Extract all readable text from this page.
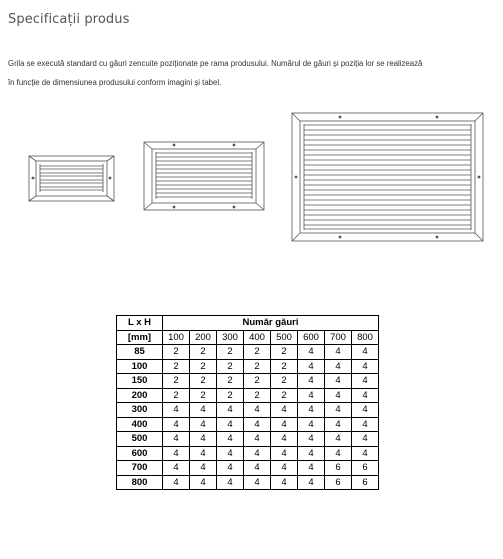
Specificații produs
Grila se execută standard cu găuri zencuite poziționate pe rama produsului. Numărul de găuri și poziția lor se realizează
în funcție de dimensiunea produsului conform imagini și tabel.
L x H	Număr găuri							
[mm]	100	200	300	400	500	600	700	800
85	2	2	2	2	2	4	4	4
100	2	2	2	2	2	4	4	4
150	2	2	2	2	2	4	4	4
200	2	2	2	2	2	4	4	4
300	4	4	4	4	4	4	4	4
400	4	4	4	4	4	4	4	4
500	4	4	4	4	4	4	4	4
600	4	4	4	4	4	4	4	4
700	4	4	4	4	4	4	6	6
800	4	4	4	4	4	4	6	6
